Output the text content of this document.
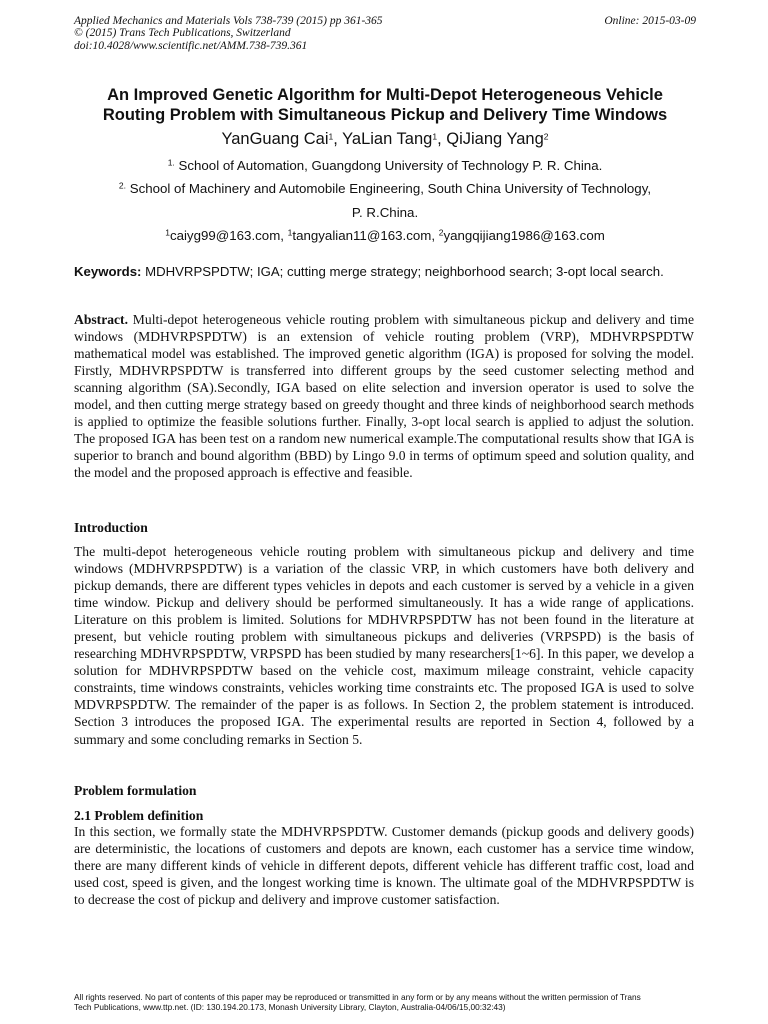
Applied Mechanics and Materials Vols 738-739 (2015) pp 361-365
© (2015) Trans Tech Publications, Switzerland
doi:10.4028/www.scientific.net/AMM.738-739.361
Online: 2015-03-09
An Improved Genetic Algorithm for Multi-Depot Heterogeneous Vehicle
Routing Problem with Simultaneous Pickup and Delivery Time Windows
YanGuang Cai$^1$, YaLian Tang$^1$, QiJiang Yang$^2$
$^{1.}$ School of Automation, Guangdong University of Technology P. R. China.
$^{2.}$ School of Machinery and Automobile Engineering, South China University of Technology,
P. R.China.
$^1$caiyg99@163.com, $^1$tangyalian11@163.com, $^2$yangqijiang1986@163.com
Keywords: MDHVRPSPDTW; IGA; cutting merge strategy; neighborhood search; 3-opt local search.
Abstract. Multi-depot heterogeneous vehicle routing problem with simultaneous pickup and delivery and time windows (MDHVRPSPDTW) is an extension of vehicle routing problem (VRP), MDHVRPSPDTW mathematical model was established. The improved genetic algorithm (IGA) is proposed for solving the model. Firstly, MDHVRPSPDTW is transferred into different groups by the seed customer selecting method and scanning algorithm (SA).Secondly, IGA based on elite selection and inversion operator is used to solve the model, and then cutting merge strategy based on greedy thought and three kinds of neighborhood search methods is applied to optimize the feasible solutions further. Finally, 3-opt local search is applied to adjust the solution. The proposed IGA has been test on a random new numerical example.The computational results show that IGA is superior to branch and bound algorithm (BBD) by Lingo 9.0 in terms of optimum speed and solution quality, and the model and the proposed approach is effective and feasible.
Introduction
The multi-depot heterogeneous vehicle routing problem with simultaneous pickup and delivery and time windows (MDHVRPSPDTW) is a variation of the classic VRP, in which customers have both delivery and pickup demands, there are different types vehicles in depots and each customer is served by a vehicle in a given time window. Pickup and delivery should be performed simultaneously. It has a wide range of applications. Literature on this problem is limited. Solutions for MDHVRPSPDTW has not been found in the literature at present, but vehicle routing problem with simultaneous pickups and deliveries (VRPSPD) is the basis of researching MDHVRPSPDTW, VRPSPD has been studied by many researchers[1~6]. In this paper, we develop a solution for MDHVRPSPDTW based on the vehicle cost, maximum mileage constraint, vehicle capacity constraints, time windows constraints, vehicles working time constraints etc. The proposed IGA is used to solve MDVRPSPDTW. The remainder of the paper is as follows. In Section 2, the problem statement is introduced. Section 3 introduces the proposed IGA. The experimental results are reported in Section 4, followed by a summary and some concluding remarks in Section 5.
Problem formulation
2.1 Problem definition
In this section, we formally state the MDHVRPSPDTW. Customer demands (pickup goods and delivery goods) are deterministic, the locations of customers and depots are known, each customer has a service time window, there are many different kinds of vehicle in different depots, different vehicle has different traffic cost, load and used cost, speed is given, and the longest working time is known. The ultimate goal of the MDHVRPSPDTW is to decrease the cost of pickup and delivery and improve customer satisfaction.
All rights reserved. No part of contents of this paper may be reproduced or transmitted in any form or by any means without the written permission of Trans
Tech Publications, www.ttp.net. (ID: 130.194.20.173, Monash University Library, Clayton, Australia-04/06/15,00:32:43)
